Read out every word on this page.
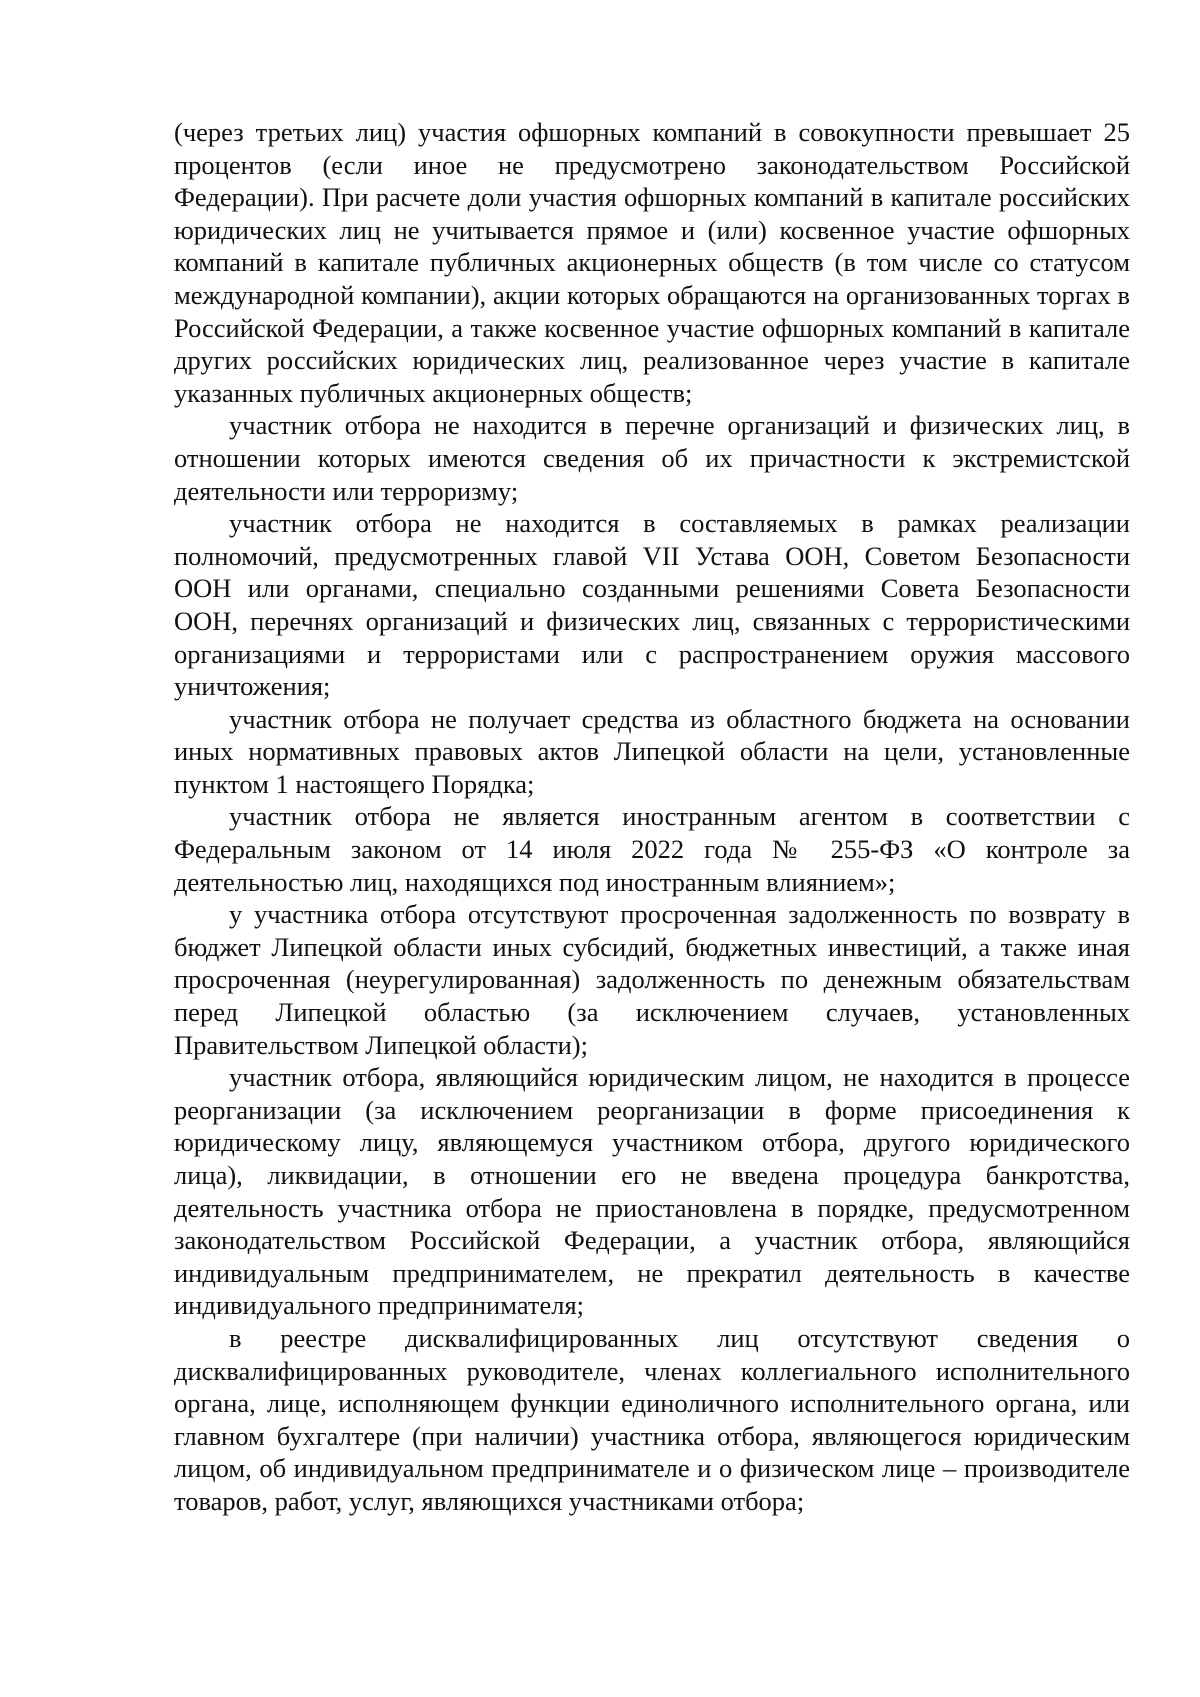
(через третьих лиц) участия офшорных компаний в совокупности превышает 25 процентов (если иное не предусмотрено законодательством Российской Федерации). При расчете доли участия офшорных компаний в капитале российских юридических лиц не учитывается прямое и (или) косвенное участие офшорных компаний в капитале публичных акционерных обществ (в том числе со статусом международной компании), акции которых обращаются на организованных торгах в Российской Федерации, а также косвенное участие офшорных компаний в капитале других российских юридических лиц, реализованное через участие в капитале указанных публичных акционерных обществ;

участник отбора не находится в перечне организаций и физических лиц, в отношении которых имеются сведения об их причастности к экстремистской деятельности или терроризму;

участник отбора не находится в составляемых в рамках реализации полномочий, предусмотренных главой VII Устава ООН, Советом Безопасности ООН или органами, специально созданными решениями Совета Безопасности ООН, перечнях организаций и физических лиц, связанных с террористическими организациями и террористами или с распространением оружия массового уничтожения;

участник отбора не получает средства из областного бюджета на основании иных нормативных правовых актов Липецкой области на цели, установленные пунктом 1 настоящего Порядка;

участник отбора не является иностранным агентом в соответствии с Федеральным законом от 14 июля 2022 года № 255-ФЗ «О контроле за деятельностью лиц, находящихся под иностранным влиянием»;

у участника отбора отсутствуют просроченная задолженность по возврату в бюджет Липецкой области иных субсидий, бюджетных инвестиций, а также иная просроченная (неурегулированная) задолженность по денежным обязательствам перед Липецкой областью (за исключением случаев, установленных Правительством Липецкой области);

участник отбора, являющийся юридическим лицом, не находится в процессе реорганизации (за исключением реорганизации в форме присоединения к юридическому лицу, являющемуся участником отбора, другого юридического лица), ликвидации, в отношении его не введена процедура банкротства, деятельность участника отбора не приостановлена в порядке, предусмотренном законодательством Российской Федерации, а участник отбора, являющийся индивидуальным предпринимателем, не прекратил деятельность в качестве индивидуального предпринимателя;

в реестре дисквалифицированных лиц отсутствуют сведения о дисквалифицированных руководителе, членах коллегиального исполнительного органа, лице, исполняющем функции единоличного исполнительного органа, или главном бухгалтере (при наличии) участника отбора, являющегося юридическим лицом, об индивидуальном предпринимателе и о физическом лице – производителе товаров, работ, услуг, являющихся участниками отбора;
